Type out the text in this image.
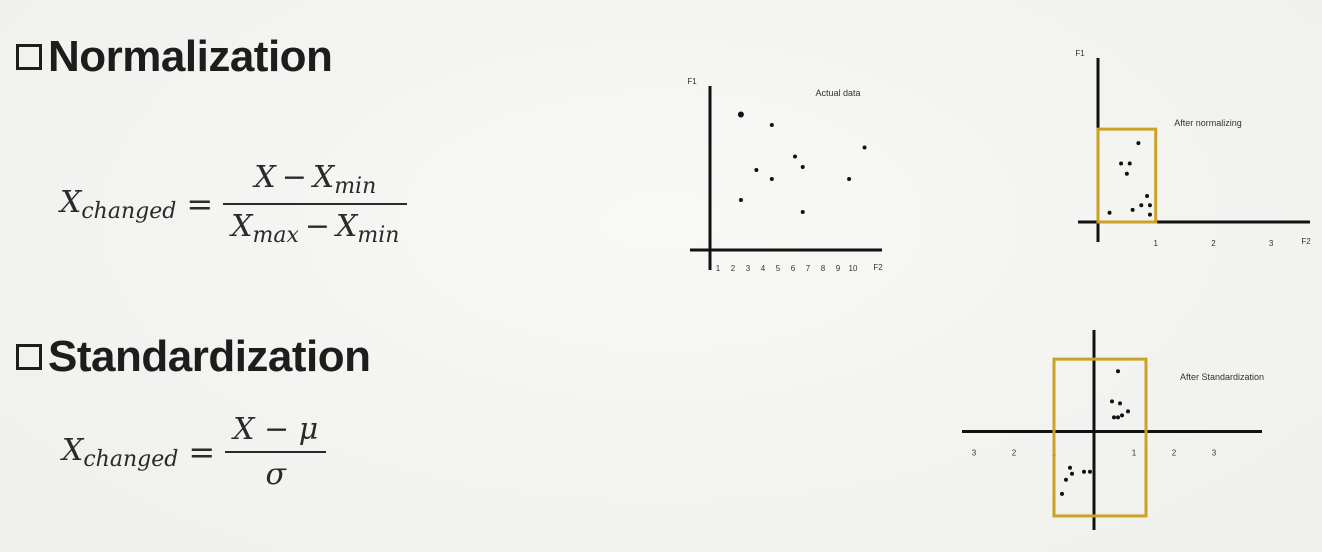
Normalization
$X_{changed} = \frac{X - X_{min}}{X_{max} - X_{min}}$
Standardization
$X_{changed} = \frac{X - \mu}{\sigma}$
Actual data
F1
F2
1 2 3 4 5 6 7 8 9 10
After normalizing
F1
F2
1	2	3
After Standardization
3	2	1	1	2	3
